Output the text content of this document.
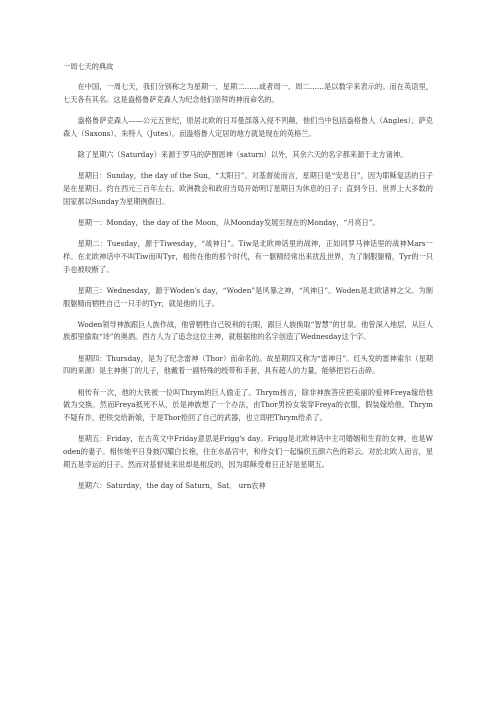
一周七天的典故

在中国，一周七天，我们分别称之为星期一、星期二……或者周一、周二……是以数字来表示的。而在英语里，七天各有其名。这是盎格鲁萨克森人为纪念他们崇拜的神而命名的。

盎格鲁萨克森人——公元五世纪，原居北欧的日耳曼部落入侵不列颠，他们当中包括盎格鲁人（Angles）、萨克森人（Saxons）、朱特人（Jutes）。而盎格鲁人定居的地方就是现在的英格兰。

除了星期六（Saturday）来源于罗马的萨图恩神（saturn）以外，其余六天的名字都来源于北方诸神。

星期日：Sunday，the day of the Sun，“太阳日”。对基督徒而言，星期日是“安息日”，因为耶稣复活的日子是在星期日。约在西元三百年左右，欧洲教会和政府当局开始明订星期日为休息的日子；直到今日，世界上大多数的国家都以Sunday为星期例假日。

星期一：Monday，the day of the Moon，从Moonday发展至现在的Monday，“月亮日”。

星期二：Tuesday，源于Tiwesday，“战神日”。Tiw是北欧神话里的战神，正如同罗马神话里的战神Mars一样。在北欧神话中不叫Tiw而叫Tyr，相传在他的那个时代，有一躯精经常出来扰乱世界，为了制服躯精，Tyr的一只手也被咬断了。

星期三：Wednesday，源于Woden's day，“Woden”是风暴之神，“风神日”。Woden是北欧诸神之父。为制服躯精而牺牲自己一只手的Tyr，就是他的儿子。

Woden领导神族跟巨人族作战，他曾牺牲自己锐利的右眼，跟巨人族换取“智慧”的甘泉。他曾深入地层，从巨人族那里偷取“诗”的奥酒。西方人为了追念这位主神，就根据他的名字创造了Wednesday这个字。

星期四：Thursday，是为了纪念雷神（Thor）而命名的。故星期四又称为“雷神日”。红头发的雷神索尔（星期四的来源）是主神奥丁的儿子，他戴着一副特殊的绶带和手套，具有超人的力量，能够把岩石击碎。

相传有一次，他的大铁被一位叫Thrym的巨人偷走了。Thrym扬言，除非神族答应把美丽的爱神Freya嫁给他做为交换。然而Freya抵死不从，於是神族想了一个办法，由Thor男扮女装穿Freya的衣服，假装嫁给他，Thrym不疑有诈，把铁交给新娘，于是Thor抢回了自己的武器，也立即把Thrym给杀了。

星期五：Friday，在古英文中Friday意思是Frigg's day。Frigg是北欧神话中主司婚姻和生育的女神，也是Woden的妻子。相传她平日身披闪耀白长袍，住在水晶宫中，和侍女们一起编织五颜六色的彩云。对於北欧人而言，星期五是幸运的日子。然而对基督徒来说却是相反的，因为耶稣受难日正好是星期五。

星期六：Saturday，the day of Saturn，Sat． urn农神
